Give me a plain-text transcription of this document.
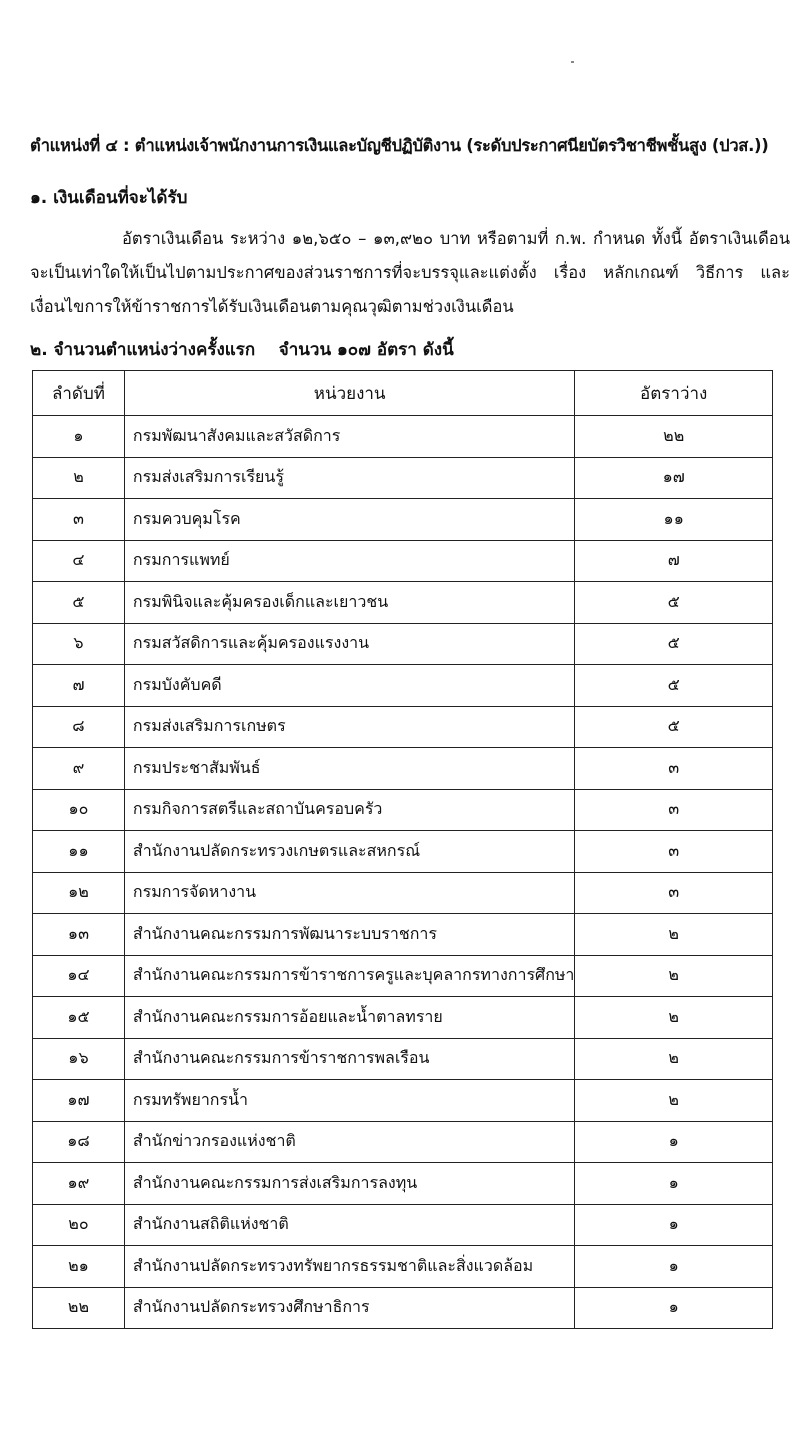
ตำแหน่งที่ ๔ : ตำแหน่งเจ้าพนักงานการเงินและบัญชีปฏิบัติงาน (ระดับประกาศนียบัตรวิชาชีพชั้นสูง (ปวส.))
๑. เงินเดือนที่จะได้รับ
อัตราเงินเดือน ระหว่าง ๑๒,๖๕๐ – ๑๓,๙๒๐ บาท หรือตามที่ ก.พ. กำหนด ทั้งนี้ อัตราเงินเดือน
จะเป็นเท่าใดให้เป็นไปตามประกาศของส่วนราชการที่จะบรรจุและแต่งตั้ง เรื่อง หลักเกณฑ์ วิธีการ และ
เงื่อนไขการให้ข้าราชการได้รับเงินเดือนตามคุณวุฒิตามช่วงเงินเดือน
๒. จำนวนตำแหน่งว่างครั้งแรก    จำนวน ๑๐๗ อัตรา ดังนี้
ลำดับที่	หน่วยงาน	อัตราว่าง
๑	กรมพัฒนาสังคมและสวัสดิการ	๒๒
๒	กรมส่งเสริมการเรียนรู้	๑๗
๓	กรมควบคุมโรค	๑๑
๔	กรมการแพทย์	๗
๕	กรมพินิจและคุ้มครองเด็กและเยาวชน	๕
๖	กรมสวัสดิการและคุ้มครองแรงงาน	๕
๗	กรมบังคับคดี	๕
๘	กรมส่งเสริมการเกษตร	๕
๙	กรมประชาสัมพันธ์	๓
๑๐	กรมกิจการสตรีและสถาบันครอบครัว	๓
๑๑	สำนักงานปลัดกระทรวงเกษตรและสหกรณ์	๓
๑๒	กรมการจัดหางาน	๓
๑๓	สำนักงานคณะกรรมการพัฒนาระบบราชการ	๒
๑๔	สำนักงานคณะกรรมการข้าราชการครูและบุคลากรทางการศึกษา	๒
๑๕	สำนักงานคณะกรรมการอ้อยและน้ำตาลทราย	๒
๑๖	สำนักงานคณะกรรมการข้าราชการพลเรือน	๒
๑๗	กรมทรัพยากรน้ำ	๒
๑๘	สำนักข่าวกรองแห่งชาติ	๑
๑๙	สำนักงานคณะกรรมการส่งเสริมการลงทุน	๑
๒๐	สำนักงานสถิติแห่งชาติ	๑
๒๑	สำนักงานปลัดกระทรวงทรัพยากรธรรมชาติและสิ่งแวดล้อม	๑
๒๒	สำนักงานปลัดกระทรวงศึกษาธิการ	๑
